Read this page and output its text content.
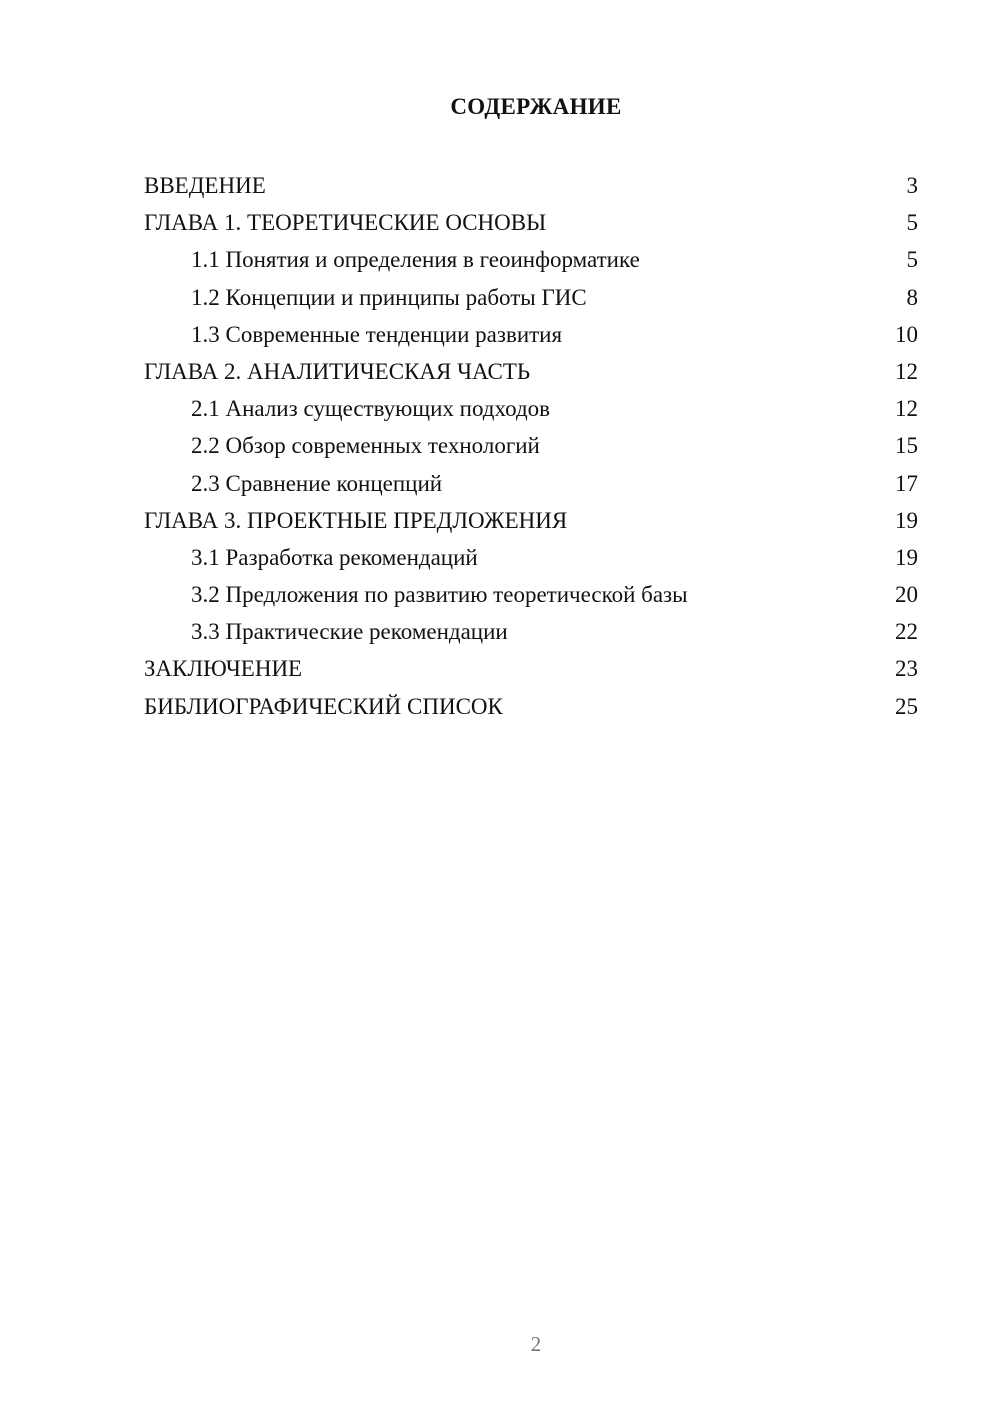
СОДЕРЖАНИЕ
ВВЕДЕНИЕ	3
ГЛАВА 1. ТЕОРЕТИЧЕСКИЕ ОСНОВЫ	5
1.1 Понятия и определения в геоинформатике	5
1.2 Концепции и принципы работы ГИС	8
1.3 Современные тенденции развития	10
ГЛАВА 2. АНАЛИТИЧЕСКАЯ ЧАСТЬ	12
2.1 Анализ существующих подходов	12
2.2 Обзор современных технологий	15
2.3 Сравнение концепций	17
ГЛАВА 3. ПРОЕКТНЫЕ ПРЕДЛОЖЕНИЯ	19
3.1 Разработка рекомендаций	19
3.2 Предложения по развитию теоретической базы	20
3.3 Практические рекомендации	22
ЗАКЛЮЧЕНИЕ	23
БИБЛИОГРАФИЧЕСКИЙ СПИСОК	25
2
